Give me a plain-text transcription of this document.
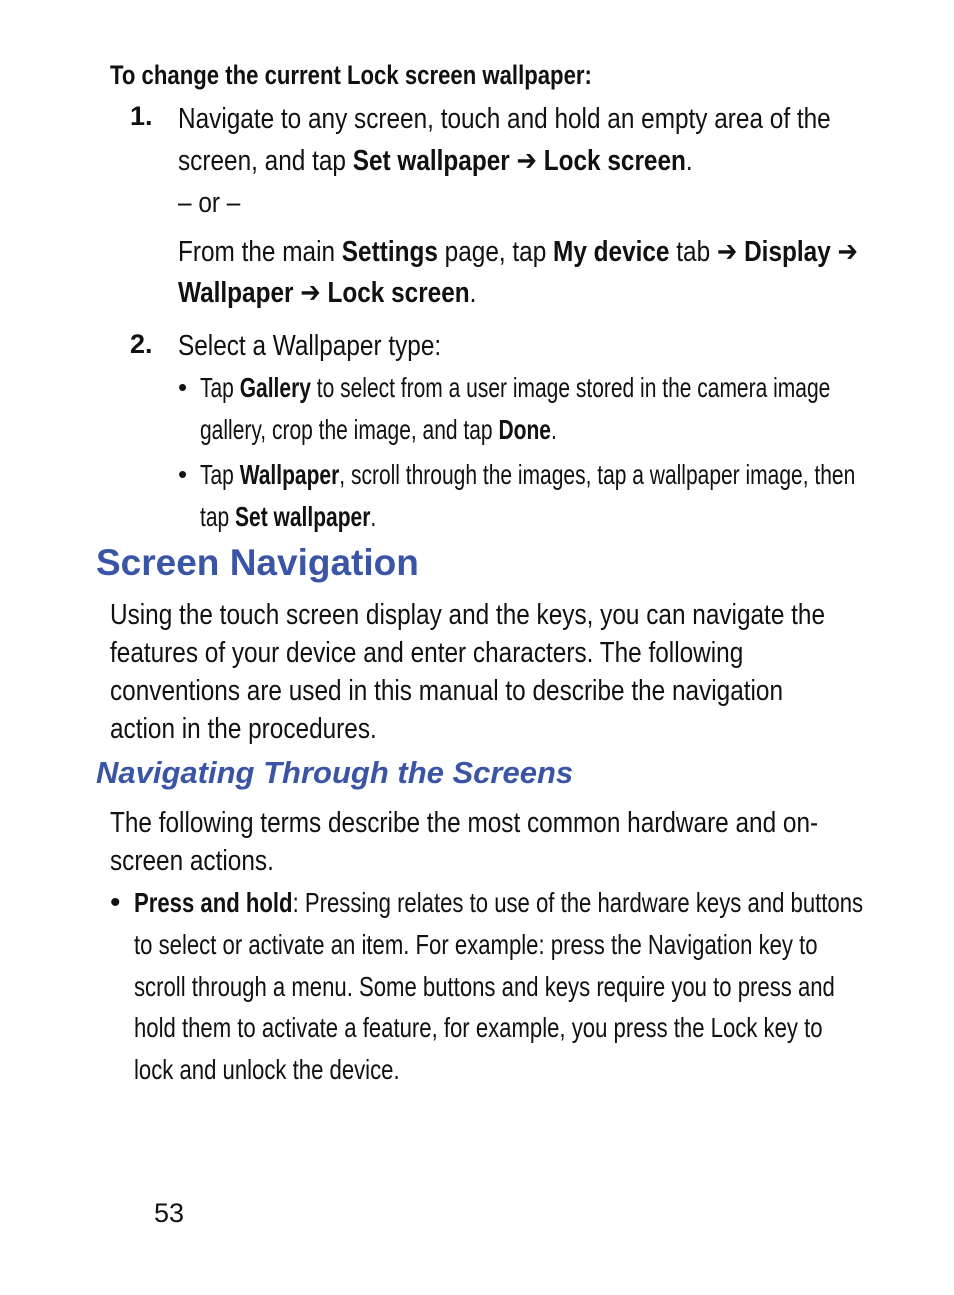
To change the current Lock screen wallpaper:
1. Navigate to any screen, touch and hold an empty area of the
screen, and tap Set wallpaper ➔ Lock screen.
– or –
From the main Settings page, tap My device tab ➔ Display ➔
Wallpaper ➔ Lock screen.
2. Select a Wallpaper type:
• Tap Gallery to select from a user image stored in the camera image
gallery, crop the image, and tap Done.
• Tap Wallpaper, scroll through the images, tap a wallpaper image, then
tap Set wallpaper.
Screen Navigation
Using the touch screen display and the keys, you can navigate the
features of your device and enter characters. The following
conventions are used in this manual to describe the navigation
action in the procedures.
Navigating Through the Screens
The following terms describe the most common hardware and on-
screen actions.
• Press and hold: Pressing relates to use of the hardware keys and buttons
to select or activate an item. For example: press the Navigation key to
scroll through a menu. Some buttons and keys require you to press and
hold them to activate a feature, for example, you press the Lock key to
lock and unlock the device.
53
